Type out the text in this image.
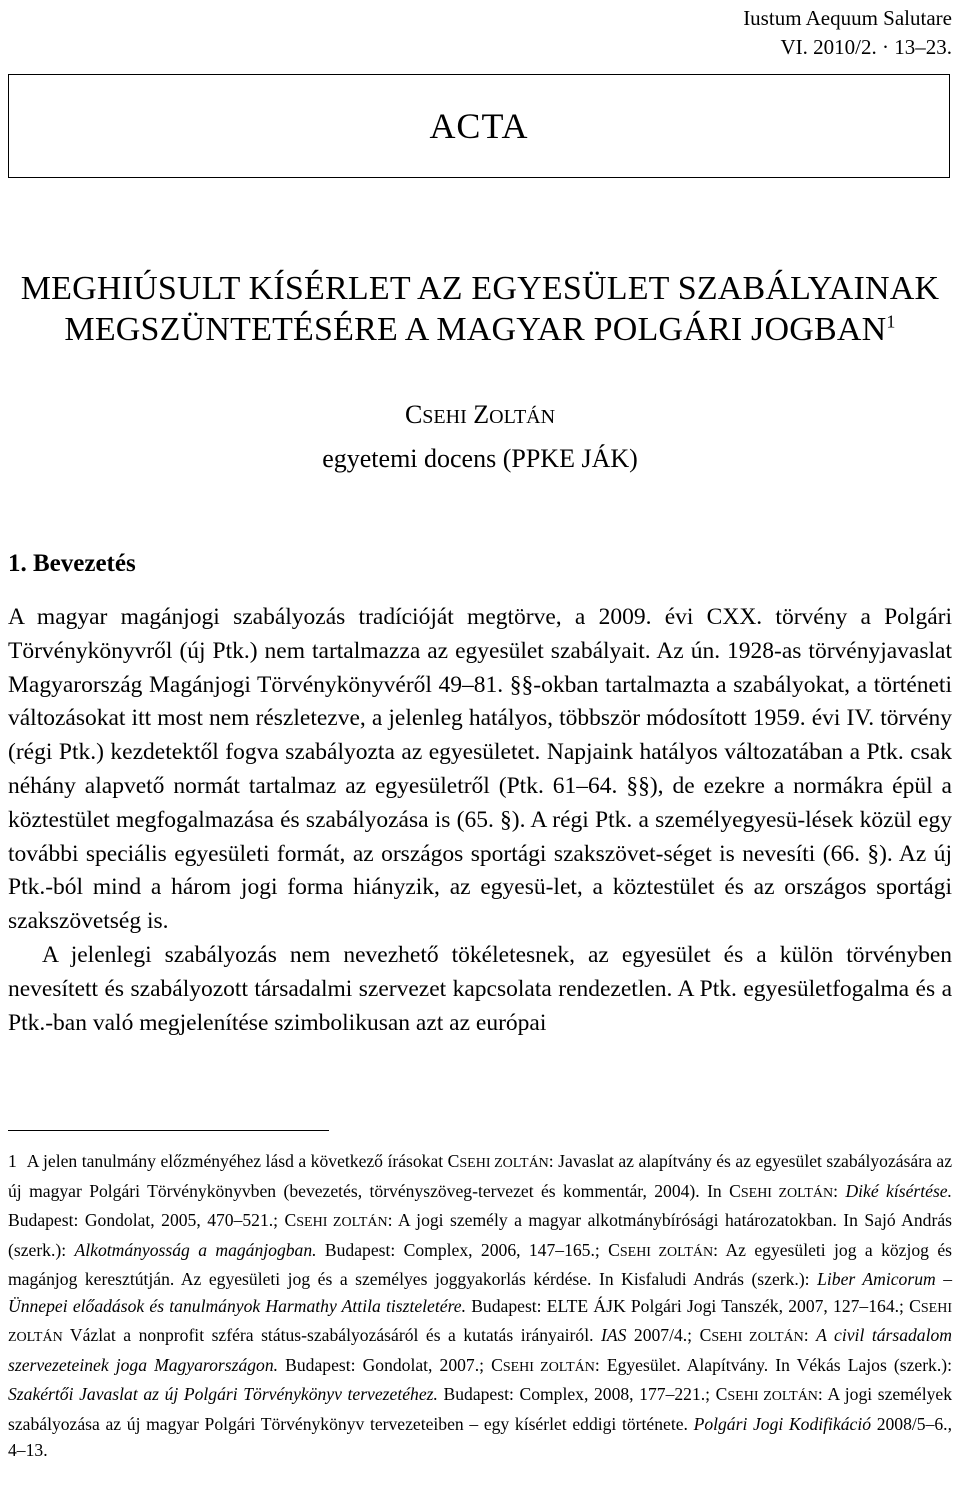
Iustum Aequum Salutare
VI. 2010/2. · 13–23.
ACTA
MEGHIÚSULT KÍSÉRLET AZ EGYESÜLET SZABÁLYAINAK
MEGSZÜNTETÉSÉRE A MAGYAR POLGÁRI JOGBAN$^1$
CSEHI ZOLTÁN
egyetemi docens (PPKE JÁK)
1. Bevezetés

A magyar magánjogi szabályozás tradícióját megtörve, a 2009. évi CXX. törvény a Polgári Törvénykönyvről (új Ptk.) nem tartalmazza az egyesület szabályait. Az ún. 1928-as törvényjavaslat Magyarország Magánjogi Törvénykönyvéről 49–81. §§-okban tartalmazta a szabályokat, a történeti változásokat itt most nem részletezve, a jelenleg hatályos, többször módosított 1959. évi IV. törvény (régi Ptk.) kezdetektől fogva szabályozta az egyesületet. Napjaink hatályos változatában a Ptk. csak néhány alapvető normát tartalmaz az egyesületről (Ptk. 61–64. §§), de ezekre a normákra épül a köztestület megfogalmazása és szabályozása is (65. §). A régi Ptk. a személyegyesü-lések közül egy további speciális egyesületi formát, az országos sportági szakszövet-séget is nevesíti (66. §). Az új Ptk.-ból mind a három jogi forma hiányzik, az egyesü-let, a köztestület és az országos sportági szakszövetség is.

A jelenlegi szabályozás nem nevezhető tökéletesnek, az egyesület és a külön törvényben nevesített és szabályozott társadalmi szervezet kapcsolata rendezetlen. A Ptk. egyesületfogalma és a Ptk.-ban való megjelenítése szimbolikusan azt az európai

1 A jelen tanulmány előzményéhez lásd a következő írásokat CSEHI ZOLTÁN: Javaslat az alapítvány és az egyesület szabályozására az új magyar Polgári Törvénykönyvben (bevezetés, törvényszöveg-tervezet és kommentár, 2004). In CSEHI ZOLTÁN: Diké kísértése. Budapest: Gondolat, 2005, 470–521.; CSEHI ZOLTÁN: A jogi személy a magyar alkotmánybírósági határozatokban. In Sajó András (szerk.): Alkotmányosság a magánjogban. Budapest: Complex, 2006, 147–165.; CSEHI ZOLTÁN: Az egyesületi jog a közjog és magánjog keresztútján. Az egyesületi jog és a személyes joggyakorlás kérdése. In Kisfaludi András (szerk.): Liber Amicorum – Ünnepei előadások és tanulmányok Harmathy Attila tiszteletére. Budapest: ELTE ÁJK Polgári Jogi Tanszék, 2007, 127–164.; CSEHI ZOLTÁN Vázlat a nonprofit szféra státus-szabályozásáról és a kutatás irányairól. IAS 2007/4.; CSEHI ZOLTÁN: A civil társadalom szervezeteinek joga Magyarországon. Budapest: Gondolat, 2007.; CSEHI ZOLTÁN: Egyesület. Alapítvány. In Vékás Lajos (szerk.): Szakértői Javaslat az új Polgári Törvénykönyv tervezetéhez. Budapest: Complex, 2008, 177–221.; CSEHI ZOLTÁN: A jogi személyek szabályozása az új magyar Polgári Törvénykönyv tervezeteiben – egy kísérlet eddigi története. Polgári Jogi Kodifikáció 2008/5–6., 4–13.
